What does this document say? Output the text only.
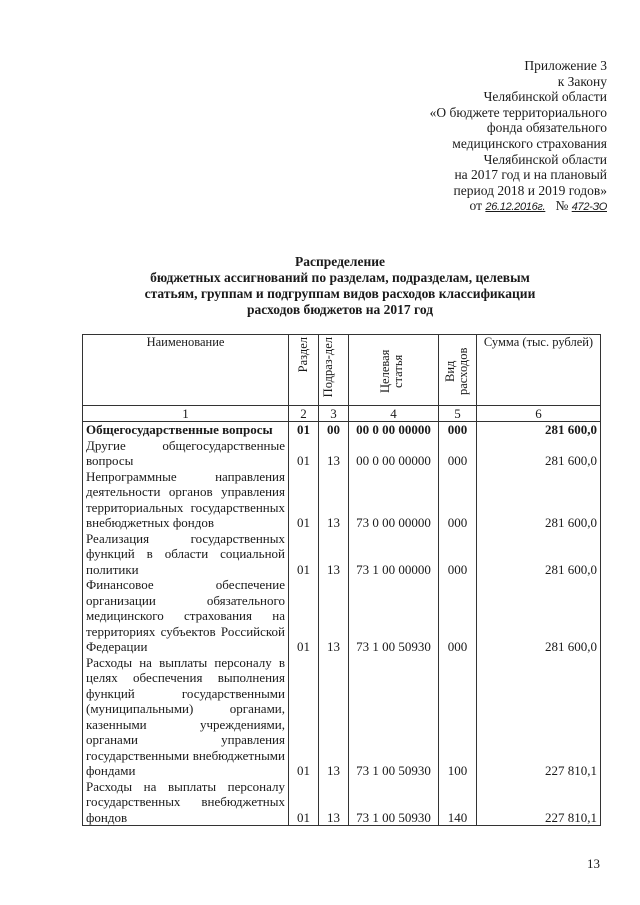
Приложение 3
к Закону
Челябинской области
«О бюджете территориального
фонда обязательного
медицинского страхования
Челябинской области
на 2017 год и на плановый
период 2018 и 2019 годов»
от 26.12.2016г. № 472-ЗО
Распределение
бюджетных ассигнований по разделам, подразделам, целевым
статьям, группам и подгруппам видов расходов классификации
расходов бюджетов на 2017 год
Наименование	Раздел	Подраз-дел	Целевая статья	Вид расходов	Сумма (тыс. рублей)
1	2	3	4	5	6
Общегосударственные вопросы	01	00	00 0 00 00000	000	281 600,0
Другие общегосударственные вопросы	01	13	00 0 00 00000	000	281 600,0
Непрограммные направления деятельности органов управления территориальных государственных внебюджетных фондов	01	13	73 0 00 00000	000	281 600,0
Реализация государственных функций в области социальной политики	01	13	73 1 00 00000	000	281 600,0
Финансовое обеспечение организации обязательного медицинского страхования на территориях субъектов Российской Федерации	01	13	73 1 00 50930	000	281 600,0
Расходы на выплаты персоналу в целях обеспечения выполнения функций государственными (муниципальными) органами, казенными учреждениями, органами управления государственными внебюджетными фондами	01	13	73 1 00 50930	100	227 810,1
Расходы на выплаты персоналу государственных внебюджетных фондов	01	13	73 1 00 50930	140	227 810,1
13
